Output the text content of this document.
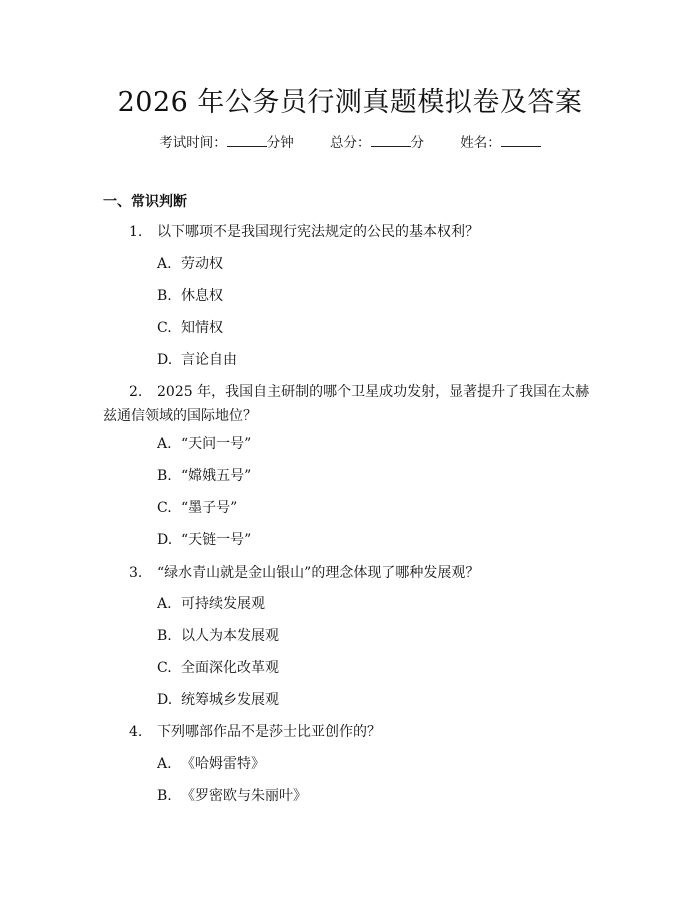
2026 年公务员行测真题模拟卷及答案
考试时间：	分钟	总分：	分	姓名：
一、常识判断
1. 以下哪项不是我国现行宪法规定的公民的基本权利？
A. 劳动权
B. 休息权
C. 知情权
D. 言论自由
2. 2025 年，我国自主研制的哪个卫星成功发射，显著提升了我国在太赫兹通信领域的国际地位？
A. “天问一号”
B. “嫦娥五号”
C. “墨子号”
D. “天链一号”
3. “绿水青山就是金山银山”的理念体现了哪种发展观？
A. 可持续发展观
B. 以人为本发展观
C. 全面深化改革观
D. 统筹城乡发展观
4. 下列哪部作品不是莎士比亚创作的？
A. 《哈姆雷特》
B. 《罗密欧与朱丽叶》
